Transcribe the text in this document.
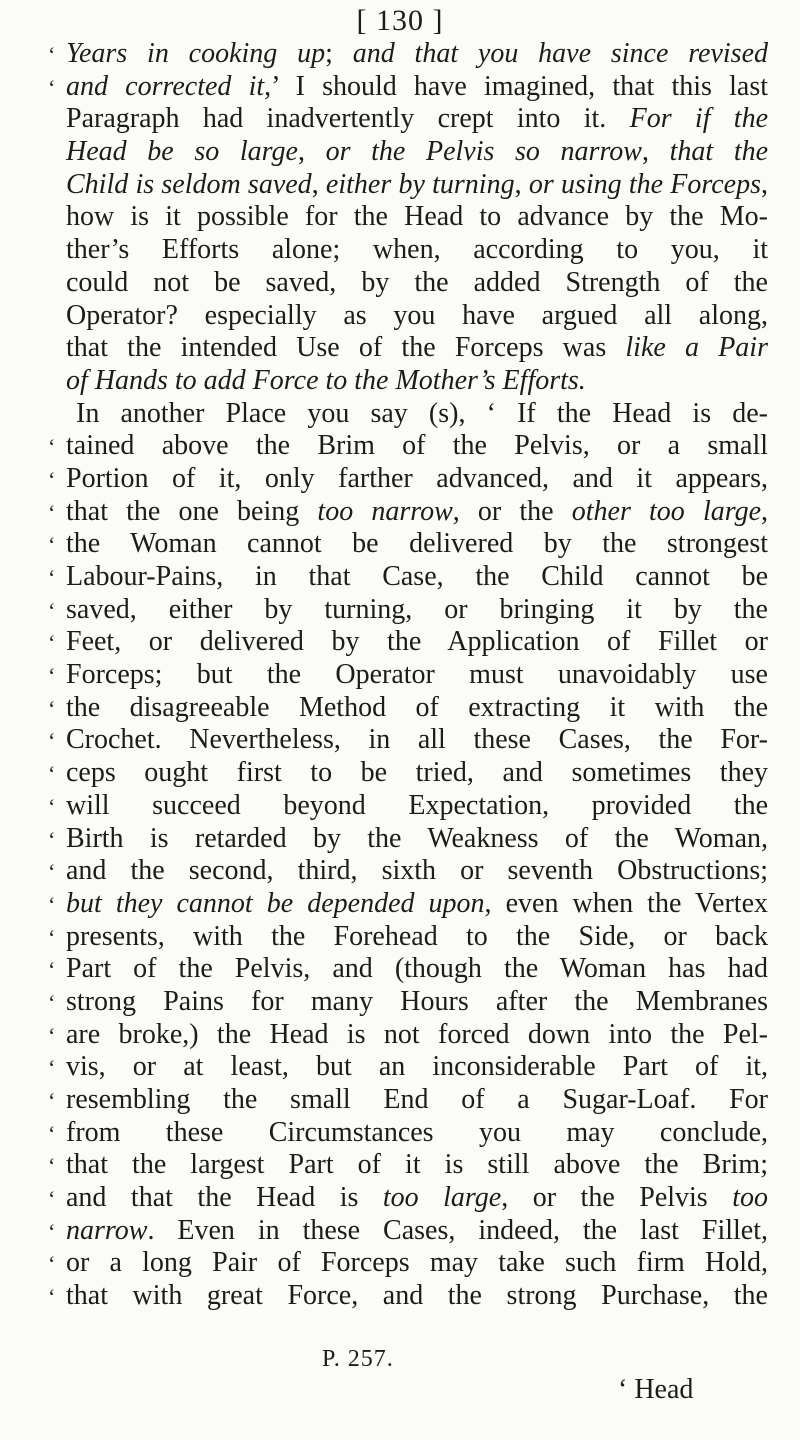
[ 130 ]
‘ Years in cooking up; and that you have since revised
‘ and corrected it,’ I should have imagined, that this last
Paragraph had inadvertently crept into it. For if the
Head be so large, or the Pelvis so narrow, that the
Child is seldom saved, either by turning, or using the Forceps,
how is it possible for the Head to advance by the Mo-
ther’s Efforts alone; when, according to you, it
could not be saved, by the added Strength of the
Operator? especially as you have argued all along,
that the intended Use of the Forceps was like a Pair
of Hands to add Force to the Mother’s Efforts.
In another Place you say (s), ‘ If the Head is de-
‘ tained above the Brim of the Pelvis, or a small
‘ Portion of it, only farther advanced, and it appears,
‘ that the one being too narrow, or the other too large,
‘ the Woman cannot be delivered by the strongest
‘ Labour-Pains, in that Case, the Child cannot be
‘ saved, either by turning, or bringing it by the
‘ Feet, or delivered by the Application of Fillet or
‘ Forceps; but the Operator must unavoidably use
‘ the disagreeable Method of extracting it with the
‘ Crochet. Nevertheless, in all these Cases, the For-
‘ ceps ought first to be tried, and sometimes they
‘ will succeed beyond Expectation, provided the
‘ Birth is retarded by the Weakness of the Woman,
‘ and the second, third, sixth or seventh Obstructions;
‘ but they cannot be depended upon, even when the Vertex
‘ presents, with the Forehead to the Side, or back
‘ Part of the Pelvis, and (though the Woman has had
‘ strong Pains for many Hours after the Membranes
‘ are broke,) the Head is not forced down into the Pel-
‘ vis, or at least, but an inconsiderable Part of it,
‘ resembling the small End of a Sugar-Loaf. For
‘ from these Circumstances you may conclude,
‘ that the largest Part of it is still above the Brim;
‘ and that the Head is too large, or the Pelvis too
‘ narrow. Even in these Cases, indeed, the last Fillet,
‘ or a long Pair of Forceps may take such firm Hold,
‘ that with great Force, and the strong Purchase, the
P. 257.
‘ Head
